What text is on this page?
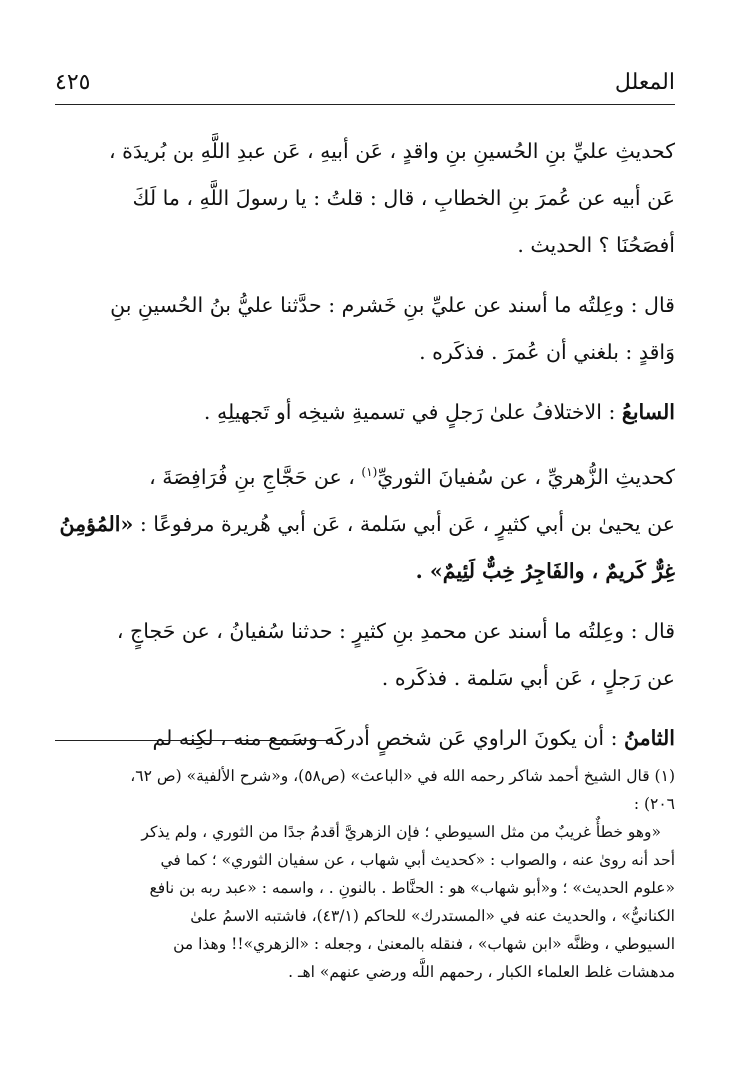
المعلل
٤٢٥

كحديثِ عليِّ بنِ الحُسينِ بنِ واقدٍ ، عَن أبيهِ ، عَن عبدِ اللَّهِ بن بُريدَة ،
عَن أبيه عن عُمرَ بنِ الخطابِ ، قال : قلتُ : يا رسولَ اللَّهِ ، ما لَكَ
أفصَحُنَا ؟ الحديث .

قال : وعِلتُه ما أسند عن عليِّ بنِ خَشرم : حدَّثنا عليُّ بنُ الحُسينِ بنِ
وَاقدٍ : بلغني أن عُمرَ . فذكَره .

السابعُ : الاختلافُ علىٰ رَجلٍ في تسميةِ شيخِه أو تَجهيلِهِ .

كحديثِ الزُّهريِّ ، عن سُفيانَ الثوريِّ$^{(١)}$ ، عن حَجَّاجِ بنِ فُرَافِصَةَ ،
عن يحيىٰ بن أبي كثيرٍ ، عَن أبي سَلمة ، عَن أبي هُريرة مرفوعًا : «المُؤمِنُ
غِرٌّ كَريمٌ ، والفَاجِرُ خِبٌّ لَئِيمٌ» .

قال : وعِلتُه ما أسند عن محمدِ بنِ كثيرٍ : حدثنا سُفيانُ ، عن حَجاجٍ ،
عن رَجلٍ ، عَن أبي سَلمة . فذكَره .

الثامنُ : أن يكونَ الراوي عَن شخصٍ أدركَه وسَمع منه ، لكِنه لم

(١) قال الشيخ أحمد شاكر رحمه الله في «الباعث» (ص٥٨)، و«شرح الألفية» (ص ٦٢،

٢٠٦) :

«وهو خطأٌ غريبٌ من مثل السيوطي ؛ فإن الزهريَّ أقدمُ جدًا من الثوري ، ولم يذكر

أحد أنه روىٰ عنه ، والصواب : «كحديث أبي شهاب ، عن سفيان الثوري» ؛ كما في

«علوم الحديث» ؛ و«أبو شهاب» هو : الحنَّاط . بالنونِ . ، واسمه : «عبد ربه بن نافع

الكنانيُّ» ، والحديث عنه في «المستدرك» للحاكم (٤٣/١)، فاشتبه الاسمُ علىٰ

السيوطي ، وظنَّه «ابن شهاب» ، فنقله بالمعنىٰ ، وجعله : «الزهري»!! وهذا من

مدهشات غلط العلماء الكبار ، رحمهم اللَّه ورضي عنهم» اهـ .
